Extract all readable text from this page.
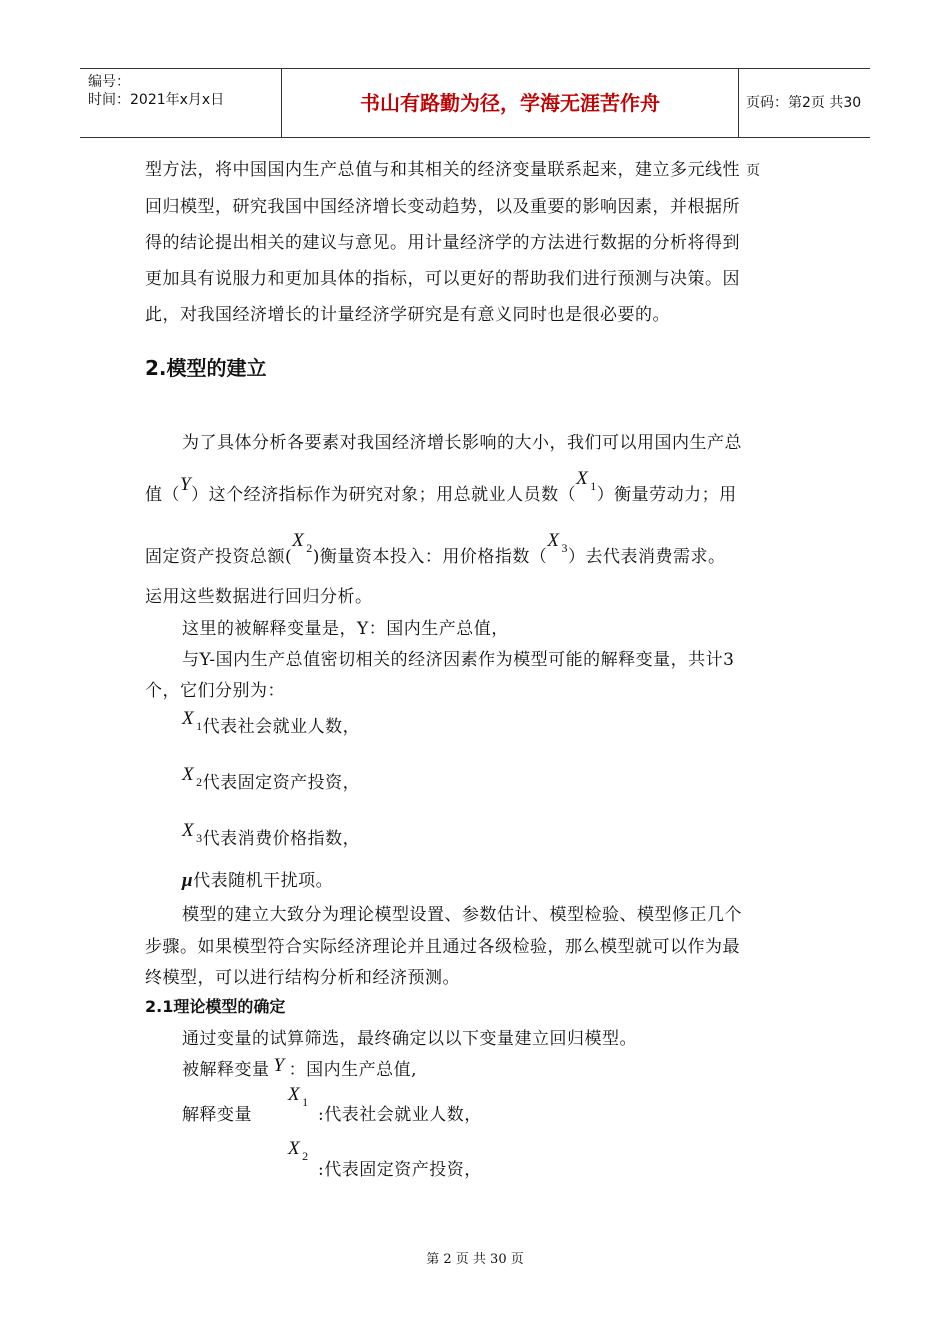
编号：
时间：2021年x月x日	书山有路勤为径，学海无涯苦作舟	页码：第2页 共30页
型方法，将中国国内生产总值与和其相关的经济变量联系起来，建立多元线性
回归模型，研究我国中国经济增长变动趋势，以及重要的影响因素，并根据所
得的结论提出相关的建议与意见。用计量经济学的方法进行数据的分析将得到
更加具有说服力和更加具体的指标，可以更好的帮助我们进行预测与决策。因
此，对我国经济增长的计量经济学研究是有意义同时也是很必要的。
2.模型的建立
为了具体分析各要素对我国经济增长影响的大小，我们可以用国内生产总
值（Y）这个经济指标作为研究对象；用总就业人员数（X $_1$）衡量劳动力；用
固定资产投资总额(X $_2$)衡量资本投入：用价格指数（X $_3$）去代表消费需求。
运用这些数据进行回归分析。
这里的被解释变量是，Y：国内生产总值，
与Y-国内生产总值密切相关的经济因素作为模型可能的解释变量，共计3
个，它们分别为：
X $_1$代表社会就业人数，
X $_2$代表固定资产投资，
X $_3$代表消费价格指数，
μ代表随机干扰项。
模型的建立大致分为理论模型设置、参数估计、模型检验、模型修正几个
步骤。如果模型符合实际经济理论并且通过各级检验，那么模型就可以作为最
终模型，可以进行结构分析和经济预测。
2.1理论模型的确定
通过变量的试算筛选，最终确定以以下变量建立回归模型。
被解释变量 Y ：国内生产总值,
解释变量
X $_1$
:代表社会就业人数，
X $_2$
:代表固定资产投资，
第 2 页 共 30 页
